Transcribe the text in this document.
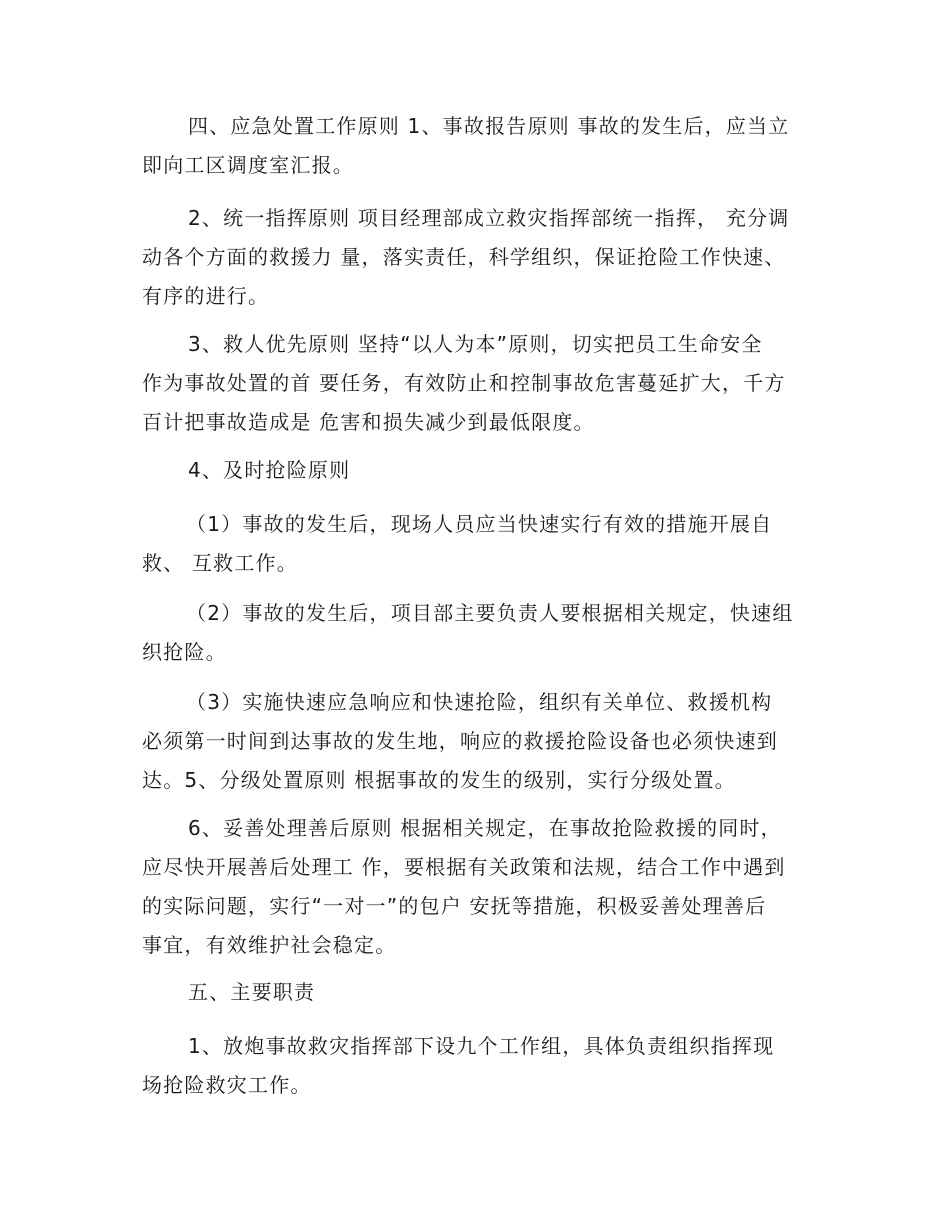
四、应急处置工作原则 1、事故报告原则 事故的发生后，应当立
即向工区调度室汇报。
2、统一指挥原则 项目经理部成立救灾指挥部统一指挥， 充分调
动各个方面的救援力 量，落实责任，科学组织，保证抢险工作快速、
有序的进行。
3、救人优先原则 坚持“以人为本”原则，切实把员工生命安全
作为事故处置的首 要任务，有效防止和控制事故危害蔓延扩大，千方
百计把事故造成是 危害和损失减少到最低限度。
4、及时抢险原则
（1）事故的发生后，现场人员应当快速实行有效的措施开展自
救、 互救工作。
（2）事故的发生后，项目部主要负责人要根据相关规定，快速组
织抢险。
（3）实施快速应急响应和快速抢险，组织有关单位、救援机构
必须第一时间到达事故的发生地，响应的救援抢险设备也必须快速到
达。5、分级处置原则 根据事故的发生的级别，实行分级处置。
6、妥善处理善后原则 根据相关规定，在事故抢险救援的同时，
应尽快开展善后处理工 作，要根据有关政策和法规，结合工作中遇到
的实际问题，实行“一对一”的包户 安抚等措施，积极妥善处理善后
事宜，有效维护社会稳定。
五、主要职责
1、放炮事故救灾指挥部下设九个工作组，具体负责组织指挥现
场抢险救灾工作。
